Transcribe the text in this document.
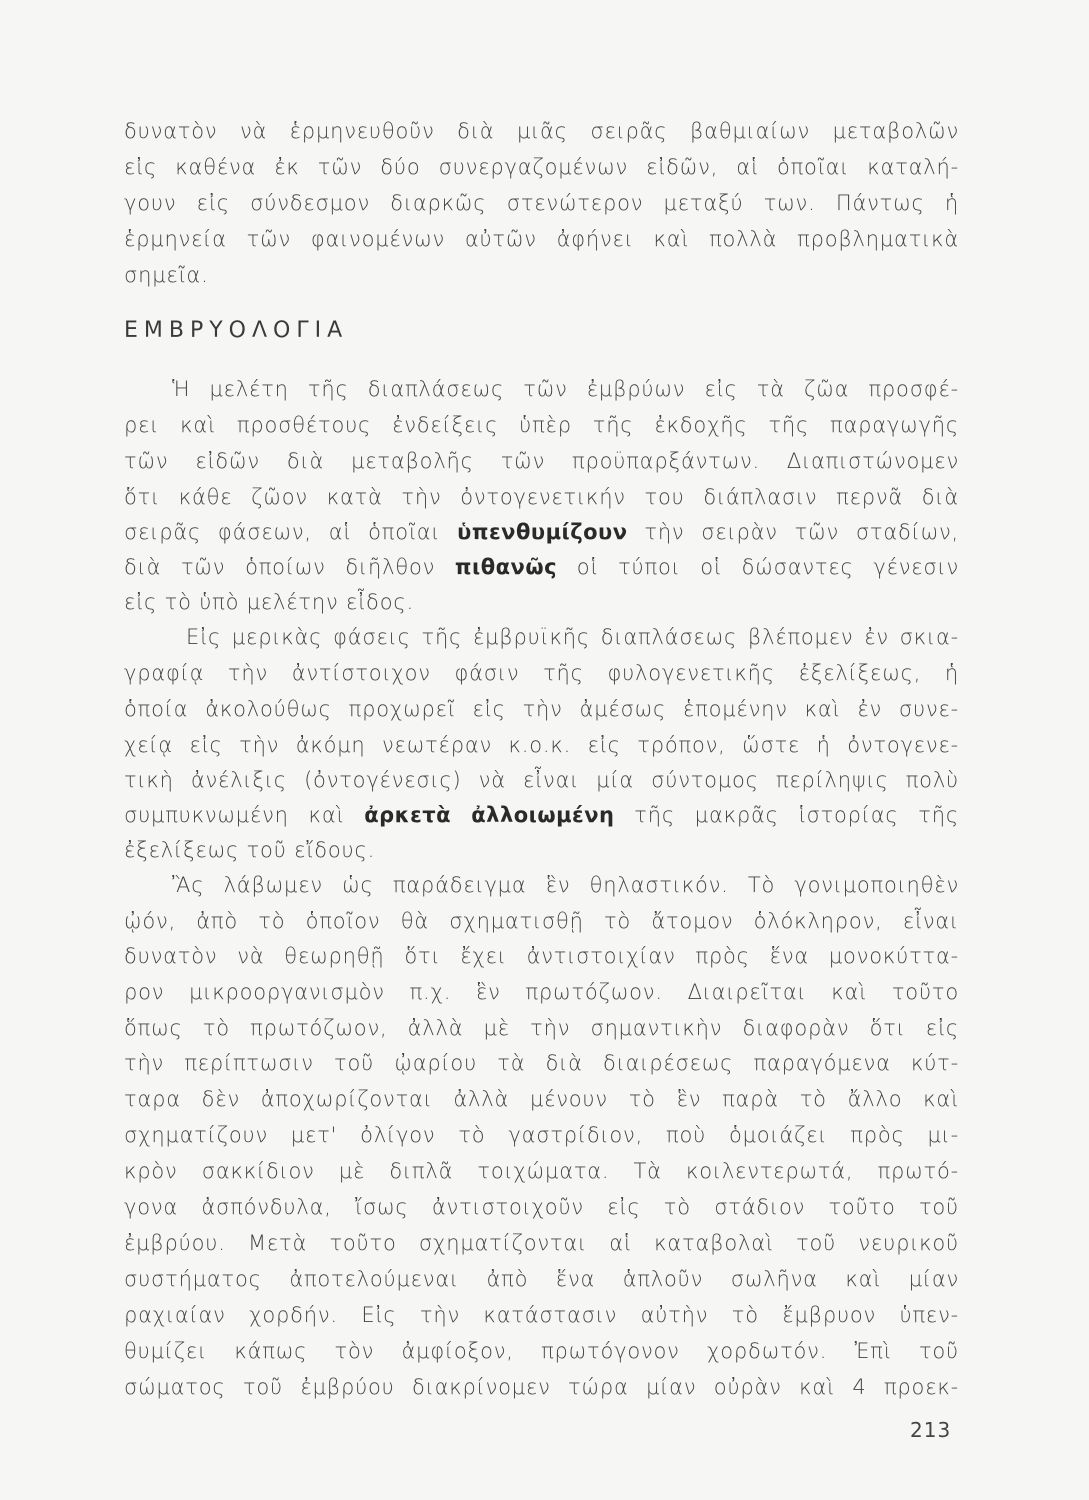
δυνατὸν νὰ ἑρμηνευθοῦν διὰ μιᾶς σειρᾶς βαθμιαίων μεταβολῶν
εἰς καθένα ἐκ τῶν δύο συνεργαζομένων εἰδῶν, αἱ ὁποῖαι καταλή-
γουν εἰς σύνδεσμον διαρκῶς στενώτερον μεταξύ των. Πάντως ἡ
ἑρμηνεία τῶν φαινομένων αὐτῶν ἀφήνει καὶ πολλὰ προβληματικὰ
σημεῖα.
ΕΜΒΡΥΟΛΟΓΙΑ
Ἡ μελέτη τῆς διαπλάσεως τῶν ἐμβρύων εἰς τὰ ζῶα προσφέ-
ρει καὶ προσθέτους ἐνδείξεις ὑπὲρ τῆς ἐκδοχῆς τῆς παραγωγῆς
τῶν εἰδῶν διὰ μεταβολῆς τῶν προϋπαρξάντων. Διαπιστώνομεν
ὅτι κάθε ζῶον κατὰ τὴν ὀντογενετικήν του διάπλασιν περνᾶ διὰ
σειρᾶς φάσεων, αἱ ὁποῖαι ὑπενθυμίζουν τὴν σειρὰν τῶν σταδίων,
διὰ τῶν ὁποίων διῆλθον πιθανῶς οἱ τύποι οἱ δώσαντες γένεσιν
εἰς τὸ ὑπὸ μελέτην εἶδος.
Εἰς μερικὰς φάσεις τῆς ἐμβρυϊκῆς διαπλάσεως βλέπομεν ἐν σκια-
γραφίᾳ τὴν ἀντίστοιχον φάσιν τῆς φυλογενετικῆς ἐξελίξεως, ἡ
ὁποία ἀκολούθως προχωρεῖ εἰς τὴν ἀμέσως ἑπομένην καὶ ἐν συνε-
χείᾳ εἰς τὴν ἀκόμη νεωτέραν κ.ο.κ. εἰς τρόπον, ὥστε ἡ ὀντογενε-
τικὴ ἀνέλιξις (ὀντογένεσις) νὰ εἶναι μία σύντομος περίληψις πολὺ
συμπυκνωμένη καὶ ἀρκετὰ ἀλλοιωμένη τῆς μακρᾶς ἱστορίας τῆς
ἐξελίξεως τοῦ εἴδους.
Ἂς λάβωμεν ὡς παράδειγμα ἓν θηλαστικόν. Τὸ γονιμοποιηθὲν
ᾠόν, ἀπὸ τὸ ὁποῖον θὰ σχηματισθῇ τὸ ἄτομον ὁλόκληρον, εἶναι
δυνατὸν νὰ θεωρηθῇ ὅτι ἔχει ἀντιστοιχίαν πρὸς ἕνα μονοκύττα-
ρον μικροοργανισμὸν π.χ. ἓν πρωτόζωον. Διαιρεῖται καὶ τοῦτο
ὅπως τὸ πρωτόζωον, ἀλλὰ μὲ τὴν σημαντικὴν διαφορὰν ὅτι εἰς
τὴν περίπτωσιν τοῦ ᾠαρίου τὰ διὰ διαιρέσεως παραγόμενα κύτ-
ταρα δὲν ἀποχωρίζονται ἀλλὰ μένουν τὸ ἓν παρὰ τὸ ἄλλο καὶ
σχηματίζουν μετ' ὀλίγον τὸ γαστρίδιον, ποὺ ὁμοιάζει πρὸς μι-
κρὸν σακκίδιον μὲ διπλᾶ τοιχώματα. Τὰ κοιλεντερωτά, πρωτό-
γονα ἀσπόνδυλα, ἴσως ἀντιστοιχοῦν εἰς τὸ στάδιον τοῦτο τοῦ
ἐμβρύου. Μετὰ τοῦτο σχηματίζονται αἱ καταβολαὶ τοῦ νευρικοῦ
συστήματος ἀποτελούμεναι ἀπὸ ἕνα ἁπλοῦν σωλῆνα καὶ μίαν
ραχιαίαν χορδήν. Εἰς τὴν κατάστασιν αὐτὴν τὸ ἔμβρυον ὑπεν-
θυμίζει κάπως τὸν ἀμφίοξον, πρωτόγονον χορδωτόν. Ἐπὶ τοῦ
σώματος τοῦ ἐμβρύου διακρίνομεν τώρα μίαν οὐρὰν καὶ 4 προεκ-
213
